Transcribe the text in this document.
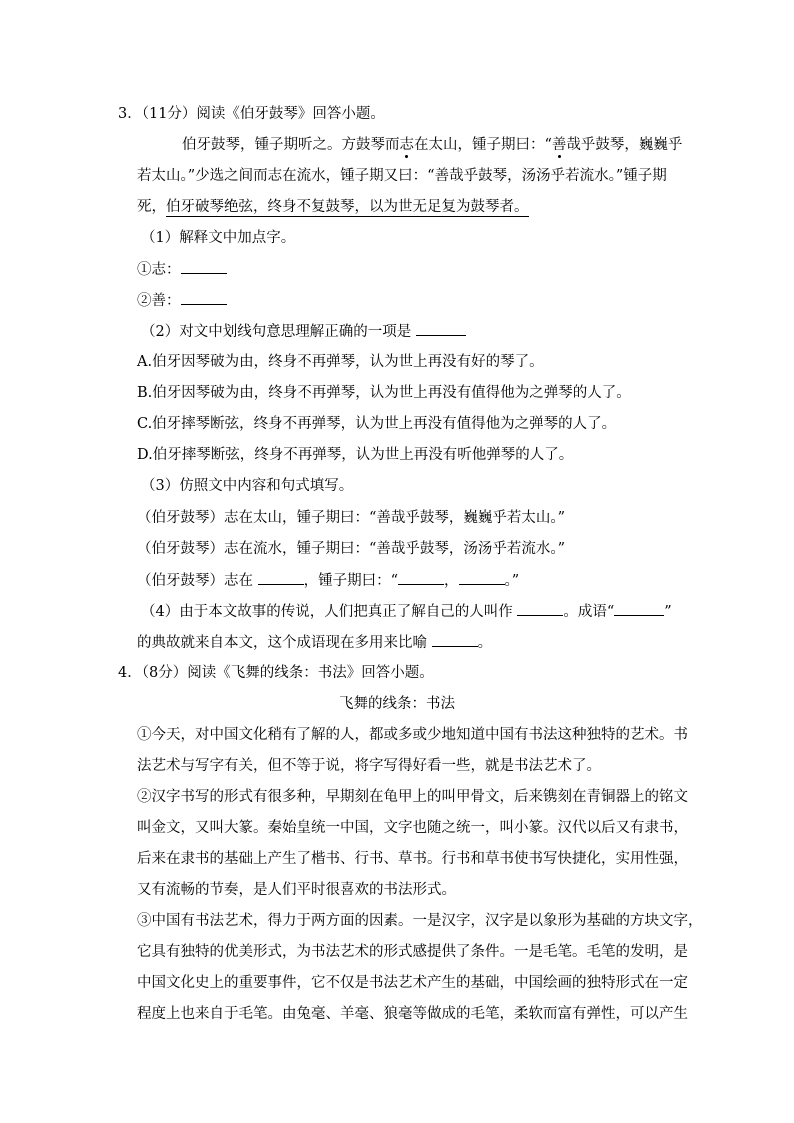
3．（11分）阅读《伯牙鼓琴》回答小题。
伯牙鼓琴，锺子期听之。方鼓琴而志在太山，锺子期曰：“善哉乎鼓琴，巍巍乎
若太山。”少选之间而志在流水，锺子期又曰：“善哉乎鼓琴，汤汤乎若流水。”锺子期
死，伯牙破琴绝弦，终身不复鼓琴，以为世无足复为鼓琴者。
（1）解释文中加点字。
①志：
②善：
（2）对文中划线句意思理解正确的一项是
A.伯牙因琴破为由，终身不再弹琴，认为世上再没有好的琴了。
B.伯牙因琴破为由，终身不再弹琴，认为世上再没有值得他为之弹琴的人了。
C.伯牙摔琴断弦，终身不再弹琴，认为世上再没有值得他为之弹琴的人了。
D.伯牙摔琴断弦，终身不再弹琴，认为世上再没有听他弹琴的人了。
（3）仿照文中内容和句式填写。
（伯牙鼓琴）志在太山，锺子期曰：“善哉乎鼓琴，巍巍乎若太山。”
（伯牙鼓琴）志在流水，锺子期曰：“善哉乎鼓琴，汤汤乎若流水。”
（伯牙鼓琴）志在	，锺子期曰：“	，	。”
（4）由于本文故事的传说，人们把真正了解自己的人叫作	。成语“	”
的典故就来自本文，这个成语现在多用来比喻	。
4．（8分）阅读《飞舞的线条：书法》回答小题。
飞舞的线条：书法
①今天，对中国文化稍有了解的人，都或多或少地知道中国有书法这种独特的艺术。书
法艺术与写字有关，但不等于说，将字写得好看一些，就是书法艺术了。
②汉字书写的形式有很多种，早期刻在龟甲上的叫甲骨文，后来镌刻在青铜器上的铭文
叫金文，又叫大篆。秦始皇统一中国，文字也随之统一，叫小篆。汉代以后又有隶书，
后来在隶书的基础上产生了楷书、行书、草书。行书和草书使书写快捷化，实用性强，
又有流畅的节奏，是人们平时很喜欢的书法形式。
③中国有书法艺术，得力于两方面的因素。一是汉字，汉字是以象形为基础的方块文字，
它具有独特的优美形式，为书法艺术的形式感提供了条件。一是毛笔。毛笔的发明，是
中国文化史上的重要事件，它不仅是书法艺术产生的基础，中国绘画的独特形式在一定
程度上也来自于毛笔。由兔毫、羊毫、狼毫等做成的毛笔，柔软而富有弹性，可以产生
